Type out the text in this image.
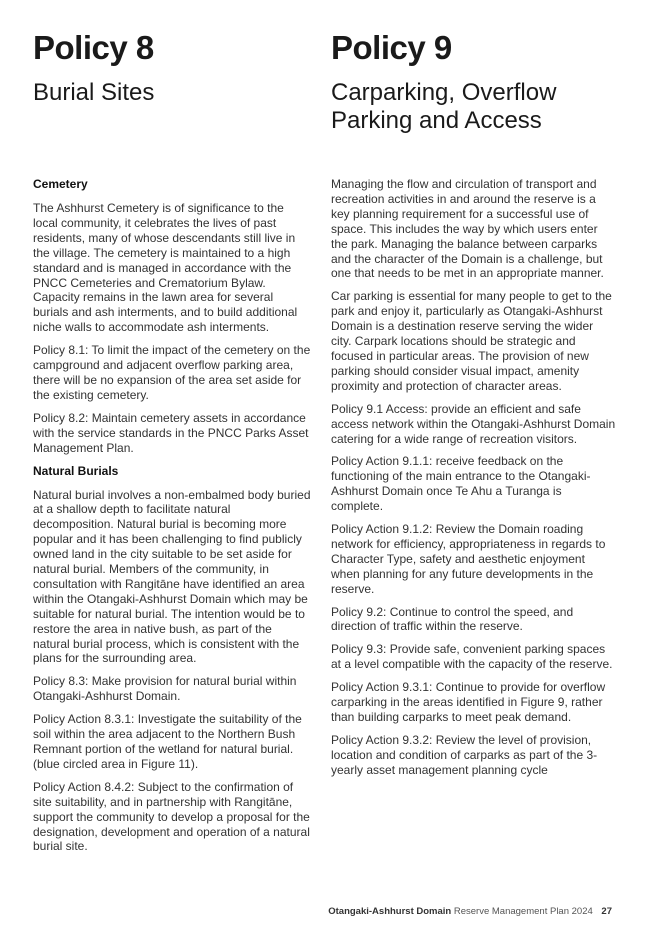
Policy 8
Burial Sites
Cemetery

The Ashhurst Cemetery is of significance to the local community, it celebrates the lives of past residents, many of whose descendants still live in the village. The cemetery is maintained to a high standard and is managed in accordance with the PNCC Cemeteries and Crematorium Bylaw. Capacity remains in the lawn area for several burials and ash interments, and to build additional niche walls to accommodate ash interments.

Policy 8.1: To limit the impact of the cemetery on the campground and adjacent overflow parking area, there will be no expansion of the area set aside for the existing cemetery.

Policy 8.2: Maintain cemetery assets in accordance with the service standards in the PNCC Parks Asset Management Plan.

Natural Burials

Natural burial involves a non-embalmed body buried at a shallow depth to facilitate natural decomposition. Natural burial is becoming more popular and it has been challenging to find publicly owned land in the city suitable to be set aside for natural burial. Members of the community, in consultation with Rangitāne have identified an area within the Otangaki-Ashhurst Domain which may be suitable for natural burial. The intention would be to restore the area in native bush, as part of the natural burial process, which is consistent with the plans for the surrounding area.

Policy 8.3: Make provision for natural burial within Otangaki-Ashhurst Domain.

Policy Action 8.3.1: Investigate the suitability of the soil within the area adjacent to the Northern Bush Remnant portion of the wetland for natural burial. (blue circled area in Figure 11).

Policy Action 8.4.2: Subject to the confirmation of site suitability, and in partnership with Rangitāne, support the community to develop a proposal for the designation, development and operation of a natural burial site.

Policy 9
Carparking, Overflow Parking and Access

Managing the flow and circulation of transport and recreation activities in and around the reserve is a key planning requirement for a successful use of space. This includes the way by which users enter the park. Managing the balance between carparks and the character of the Domain is a challenge, but one that needs to be met in an appropriate manner.

Car parking is essential for many people to get to the park and enjoy it, particularly as Otangaki-Ashhurst Domain is a destination reserve serving the wider city. Carpark locations should be strategic and focused in particular areas. The provision of new parking should consider visual impact, amenity proximity and protection of character areas.

Policy 9.1 Access: provide an efficient and safe access network within the Otangaki-Ashhurst Domain catering for a wide range of recreation visitors.

Policy Action 9.1.1: receive feedback on the functioning of the main entrance to the Otangaki-Ashhurst Domain once Te Ahu a Turanga is complete.

Policy Action 9.1.2: Review the Domain roading network for efficiency, appropriateness in regards to Character Type, safety and aesthetic enjoyment when planning for any future developments in the reserve.

Policy 9.2: Continue to control the speed, and direction of traffic within the reserve.

Policy 9.3: Provide safe, convenient parking spaces at a level compatible with the capacity of the reserve.

Policy Action 9.3.1: Continue to provide for overflow carparking in the areas identified in Figure 9, rather than building carparks to meet peak demand.

Policy Action 9.3.2: Review the level of provision, location and condition of carparks as part of the 3-yearly asset management planning cycle

Otangaki-Ashhurst Domain Reserve Management Plan 2024 27
